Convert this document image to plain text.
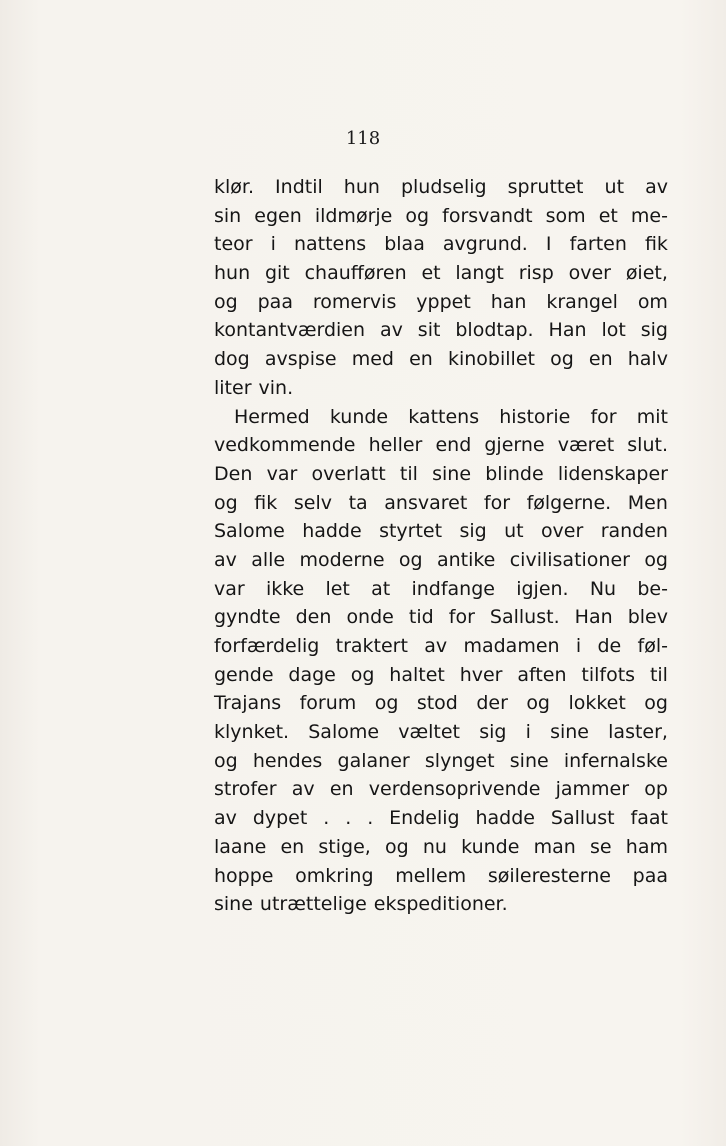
118
klør. Indtil hun pludselig spruttet ut av
sin egen ildmørje og forsvandt som et me-
teor i nattens blaa avgrund. I farten fik
hun git chaufføren et langt risp over øiet,
og paa romervis yppet han krangel om
kontantværdien av sit blodtap. Han lot sig
dog avspise med en kinobillet og en halv
liter vin.
Hermed kunde kattens historie for mit
vedkommende heller end gjerne været slut.
Den var overlatt til sine blinde lidenskaper
og fik selv ta ansvaret for følgerne. Men
Salome hadde styrtet sig ut over randen
av alle moderne og antike civilisationer og
var ikke let at indfange igjen. Nu be-
gyndte den onde tid for Sallust. Han blev
forfærdelig traktert av madamen i de føl-
gende dage og haltet hver aften tilfots til
Trajans forum og stod der og lokket og
klynket. Salome væltet sig i sine laster,
og hendes galaner slynget sine infernalske
strofer av en verdensoprivende jammer op
av dypet . . . Endelig hadde Sallust faat
laane en stige, og nu kunde man se ham
hoppe omkring mellem søileresterne paa
sine utrættelige ekspeditioner.
